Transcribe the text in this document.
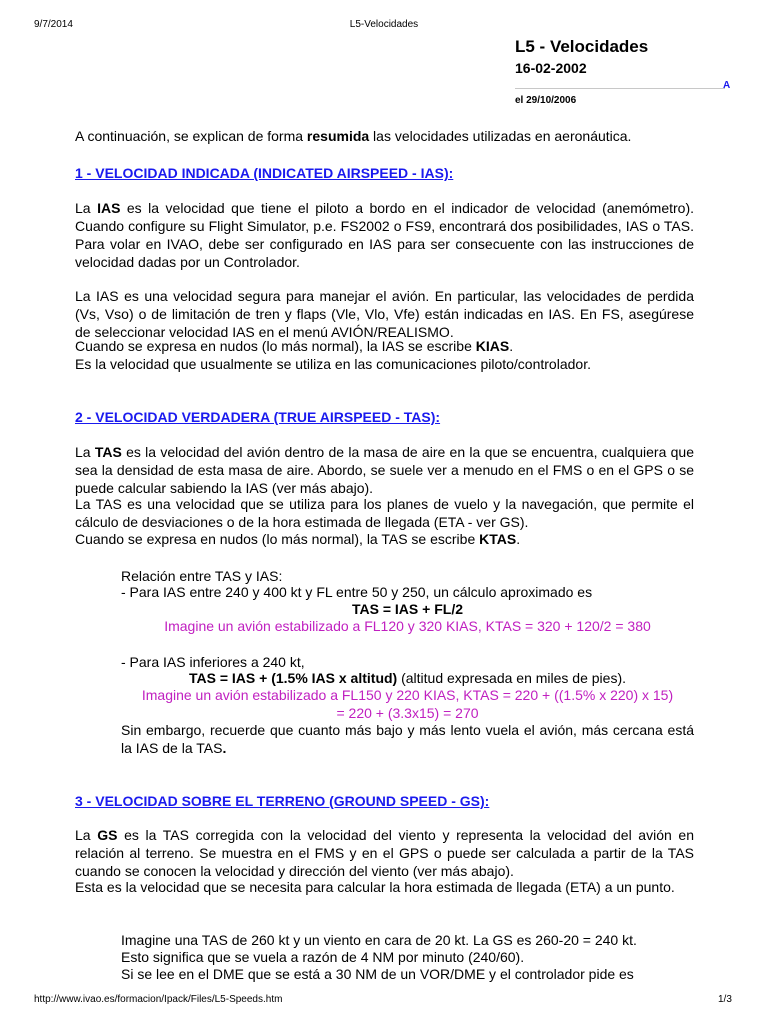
9/7/2014	L5-Velocidades
L5 - Velocidades
16-02-2002
A
el 29/10/2006

A continuación, se explican de forma resumida las velocidades utilizadas en aeronáutica.

1 - VELOCIDAD INDICADA (INDICATED AIRSPEED - IAS):

La IAS es la velocidad que tiene el piloto a bordo en el indicador de velocidad (anemómetro). Cuando configure su Flight Simulator, p.e. FS2002 o FS9, encontrará dos posibilidades, IAS o TAS. Para volar en IVAO, debe ser configurado en IAS para ser consecuente con las instrucciones de velocidad dadas por un Controlador.

La IAS es una velocidad segura para manejar el avión. En particular, las velocidades de perdida (Vs, Vso) o de limitación de tren y flaps (Vle, Vlo, Vfe) están indicadas en IAS. En FS, asegúrese de seleccionar velocidad IAS en el menú AVIÓN/REALISMO.

Cuando se expresa en nudos (lo más normal), la IAS se escribe KIAS.

Es la velocidad que usualmente se utiliza en las comunicaciones piloto/controlador.

2 - VELOCIDAD VERDADERA (TRUE AIRSPEED - TAS):

La TAS es la velocidad del avión dentro de la masa de aire en la que se encuentra, cualquiera que sea la densidad de esta masa de aire. Abordo, se suele ver a menudo en el FMS o en el GPS o se puede calcular sabiendo la IAS (ver más abajo).

La TAS es una velocidad que se utiliza para los planes de vuelo y la navegación, que permite el cálculo de desviaciones o de la hora estimada de llegada (ETA - ver GS).

Cuando se expresa en nudos (lo más normal), la TAS se escribe KTAS.

Relación entre TAS y IAS:

- Para IAS entre 240 y 400 kt y FL entre 50 y 250, un cálculo aproximado es

TAS = IAS + FL/2

Imagine un avión estabilizado a FL120 y 320 KIAS, KTAS = 320 + 120/2 = 380

- Para IAS inferiores a 240 kt,

TAS = IAS + (1.5% IAS x altitud) (altitud expresada en miles de pies).

Imagine un avión estabilizado a FL150 y 220 KIAS, KTAS = 220 + ((1.5% x 220) x 15)

= 220 + (3.3x15) = 270

Sin embargo, recuerde que cuanto más bajo y más lento vuela el avión, más cercana está la IAS de la TAS.

3 - VELOCIDAD SOBRE EL TERRENO (GROUND SPEED - GS):

La GS es la TAS corregida con la velocidad del viento y representa la velocidad del avión en relación al terreno. Se muestra en el FMS y en el GPS o puede ser calculada a partir de la TAS cuando se conocen la velocidad y dirección del viento (ver más abajo).

Esta es la velocidad que se necesita para calcular la hora estimada de llegada (ETA) a un punto.

Imagine una TAS de 260 kt y un viento en cara de 20 kt. La GS es 260-20 = 240 kt.

Esto significa que se vuela a razón de 4 NM por minuto (240/60).

Si se lee en el DME que se está a 30 NM de un VOR/DME y el controlador pide es

http://www.ivao.es/formacion/Ipack/Files/L5-Speeds.htm	1/3
